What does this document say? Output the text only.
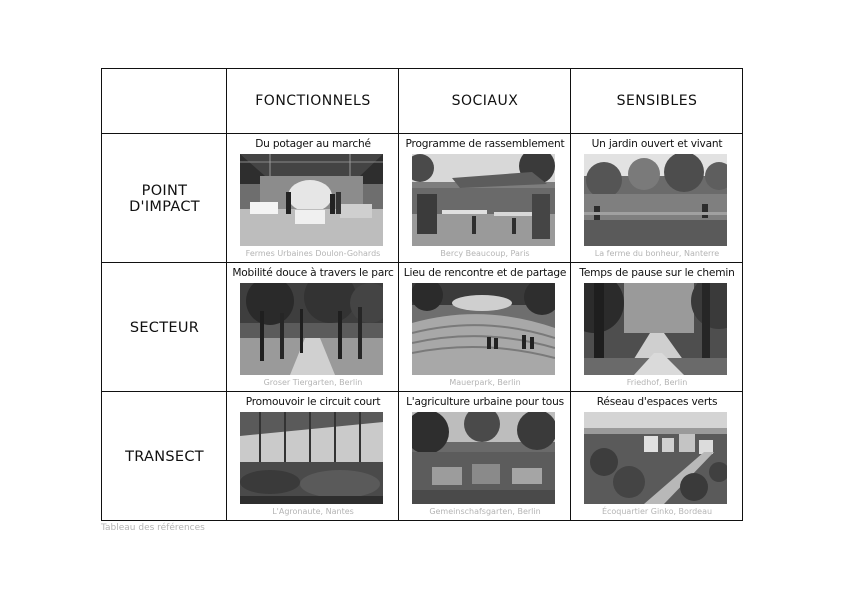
FONCTIONNELS	SOCIAUX	SENSIBLES
POINT
D'IMPACT
SECTEUR
TRANSECT
Du potager au marché
Fermes Urbaines Doulon-Gohards
Programme de rassemblement
Bercy Beaucoup, Paris
Un jardin ouvert et vivant
La ferme du bonheur, Nanterre
Mobilité douce à travers le parc
Groser Tiergarten, Berlin
Lieu de rencontre et de partage
Mauerpark, Berlin
Temps de pause sur le chemin
Friedhof, Berlin
Promouvoir le circuit court
L'Agronaute, Nantes
L'agriculture urbaine pour tous
Gemeinschafsgarten, Berlin
Réseau d'espaces verts
Écoquartier Ginko, Bordeau
Tableau des références
